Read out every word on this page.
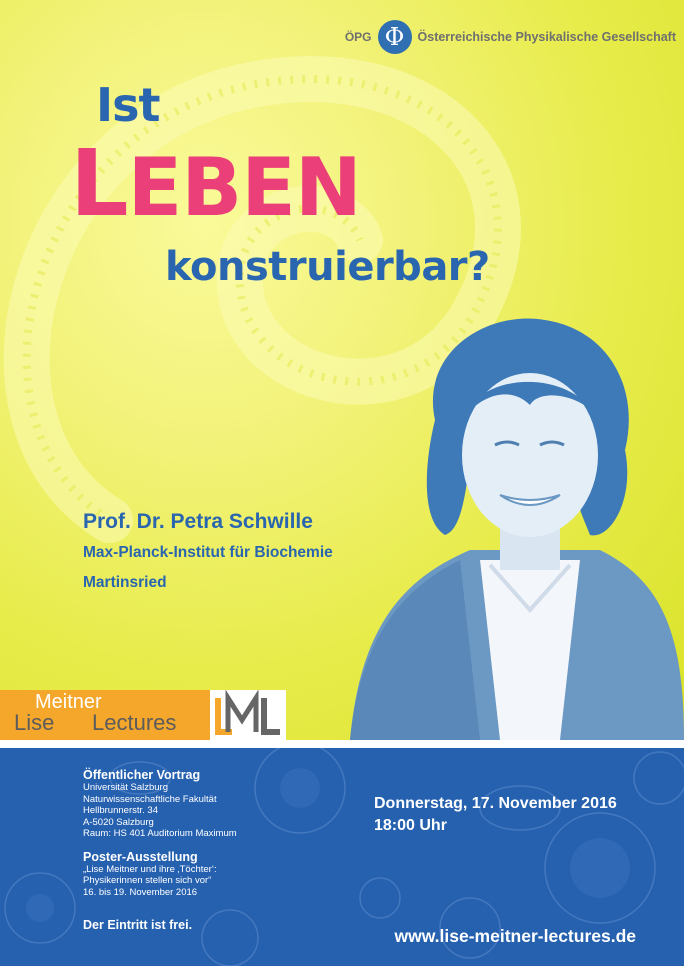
ÖPG Φ	Österreichische Physikalische Gesellschaft
Ist
LEBEN
konstruierbar?
Prof. Dr. Petra Schwille
Max-Planck-Institut für Biochemie
Martinsried
Meitner
Lise Lectures
Öffentlicher Vortrag
Universität Salzburg
Naturwissenschaftliche Fakultät
Hellbrunnerstr. 34
A-5020 Salzburg
Raum: HS 401 Auditorium Maximum
Poster-Ausstellung
„Lise Meitner und ihre ‚Töchter‘:
Physikerinnen stellen sich vor“
16. bis 19. November 2016
Der Eintritt ist frei.
Donnerstag, 17. November 2016
18:00 Uhr
www.lise-meitner-lectures.de
